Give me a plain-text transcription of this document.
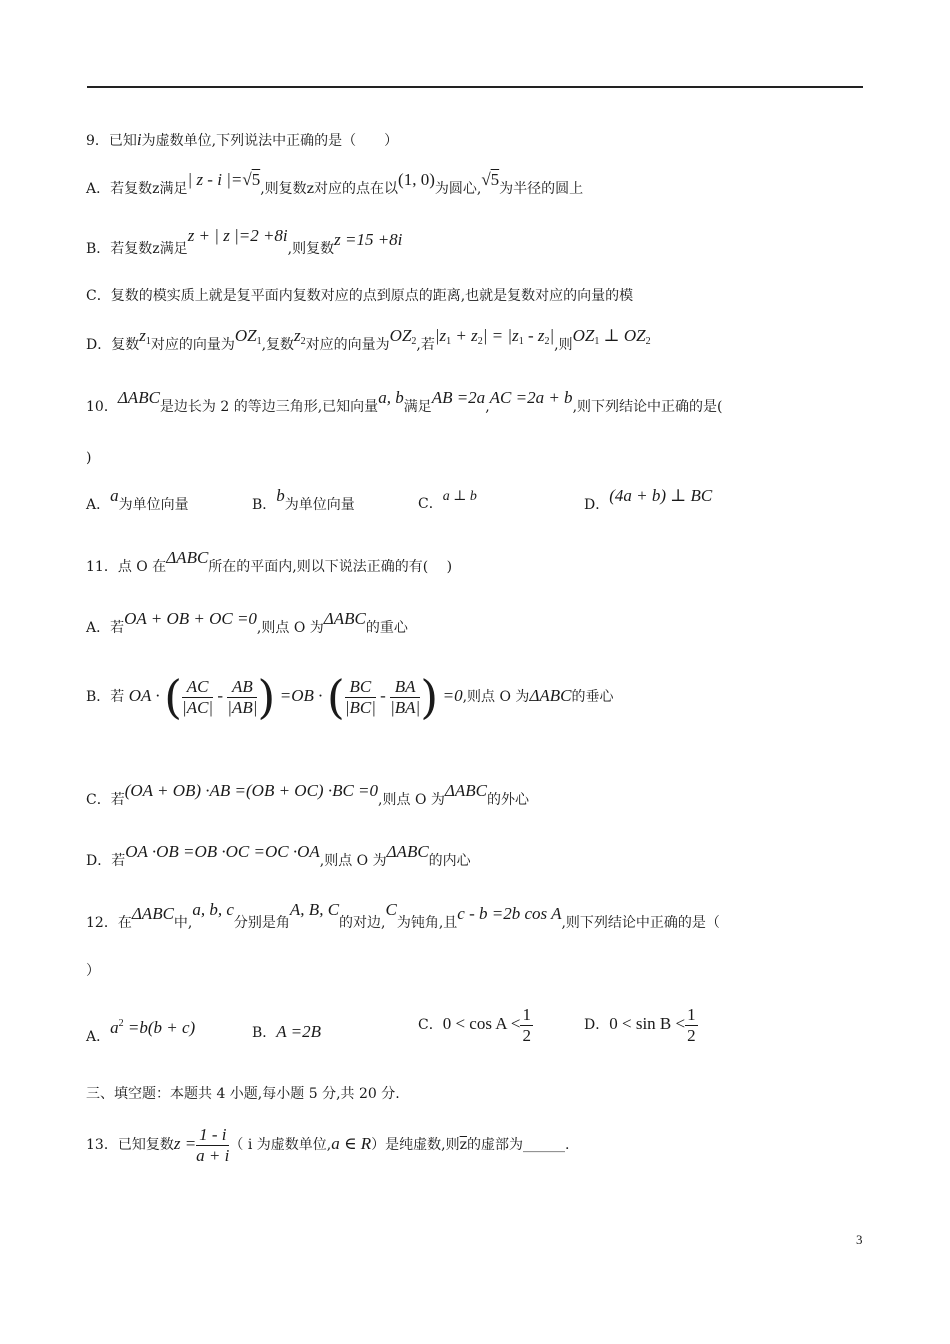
9．已知i为虚数单位,下列说法中正确的是（　　）
A．若复数z满足| z - i |=√5,则复数z对应的点在以(1, 0)为圆心,√5为半径的圆上
B．若复数z满足z + | z |=2 +8i,则复数z =15 +8i
C．复数的模实质上就是复平面内复数对应的点到原点的距离,也就是复数对应的向量的模
D．复数$z_1$对应的向量为$OZ_1$,复数$z_2$对应的向量为$OZ_2$,若$|z_1 + z_2| = |z_1 - z_2|$,则$OZ_1$ ⊥ $OZ_2$
10．ΔABC是边长为 2 的等边三角形,已知向量a, b满足AB =2a,AC =2a + b,则下列结论中正确的是(
)
A．a为单位向量	B．b为单位向量	C．a ⊥ b
D．(4a + b) ⊥ BC
11．点 O 在ΔABC所在的平面内,则以下说法正确的有(　 )
A．若OA + OB + OC =0,则点 O 为ΔABC的重心
B．若 OA · ( $\frac{AC}{|AC|} - \frac{AB}{|AB|}$ ) =OB · ( $\frac{BC}{|BC|} - \frac{BA}{|BA|}$ ) =0,则点 O 为ΔABC的垂心
C．若(OA + OB) ·AB =(OB + OC) ·BC =0,则点 O 为ΔABC的外心
D．若OA ·OB =OB ·OC =OC ·OA,则点 O 为ΔABC的内心
12．在ΔABC中,a, b, c分别是角A, B, C的对边,C为钝角,且c - b =2b cos A,则下列结论中正确的是（
）
A．$a^2 =b(b + c)$	B．A =2B	C．$0 < \cos A < \frac{1}{2}$	D．$0 < \sin B < \frac{1}{2}$
三、填空题：本题共 4 小题,每小题 5 分,共 20 分.
13．已知复数$z = \frac{1 - i}{a + i}$ （ i 为虚数单位,a ∈ R）是纯虚数,则$\overline{z}$的虚部为______.
3
